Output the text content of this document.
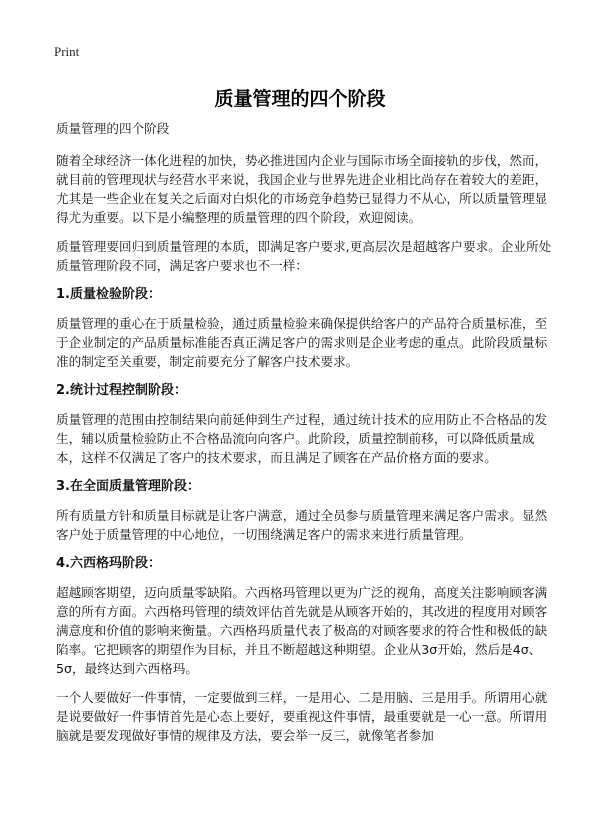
Print
质量管理的四个阶段

质量管理的四个阶段

随着全球经济一体化进程的加快，势必推进国内企业与国际市场全面接轨的步伐，然而，就目前的管理现状与经营水平来说，我国企业与世界先进企业相比尚存在着较大的差距，尤其是一些企业在复关之后面对白炽化的市场竞争趋势已显得力不从心，所以质量管理显得尤为重要。以下是小编整理的质量管理的四个阶段，欢迎阅读。

质量管理要回归到质量管理的本质，即满足客户要求,更高层次是超越客户要求。企业所处质量管理阶段不同，满足客户要求也不一样：

1.质量检验阶段：

质量管理的重心在于质量检验，通过质量检验来确保提供给客户的产品符合质量标准，至于企业制定的产品质量标准能否真正满足客户的需求则是企业考虑的重点。此阶段质量标准的制定至关重要，制定前要充分了解客户技术要求。

2.统计过程控制阶段：

质量管理的范围由控制结果向前延伸到生产过程，通过统计技术的应用防止不合格品的发生，辅以质量检验防止不合格品流向向客户。此阶段，质量控制前移，可以降低质量成本，这样不仅满足了客户的技术要求，而且满足了顾客在产品价格方面的要求。

3.在全面质量管理阶段：

所有质量方针和质量目标就是让客户满意，通过全员参与质量管理来满足客户需求。显然客户处于质量管理的中心地位，一切围绕满足客户的需求来进行质量管理。

4.六西格玛阶段：

超越顾客期望，迈向质量零缺陷。六西格玛管理以更为广泛的视角，高度关注影响顾客满意的所有方面。六西格玛管理的绩效评估首先就是从顾客开始的，其改进的程度用对顾客满意度和价值的影响来衡量。六西格玛质量代表了极高的对顾客要求的符合性和极低的缺陷率。它把顾客的期望作为目标，并且不断超越这种期望。企业从3σ开始，然后是4σ、5σ，最终达到六西格玛。

一个人要做好一件事情，一定要做到三样，一是用心、二是用脑、三是用手。所谓用心就是说要做好一件事情首先是心态上要好，要重视这件事情，最重要就是一心一意。所谓用脑就是要发现做好事情的规律及方法，要会举一反三，就像笔者参加
